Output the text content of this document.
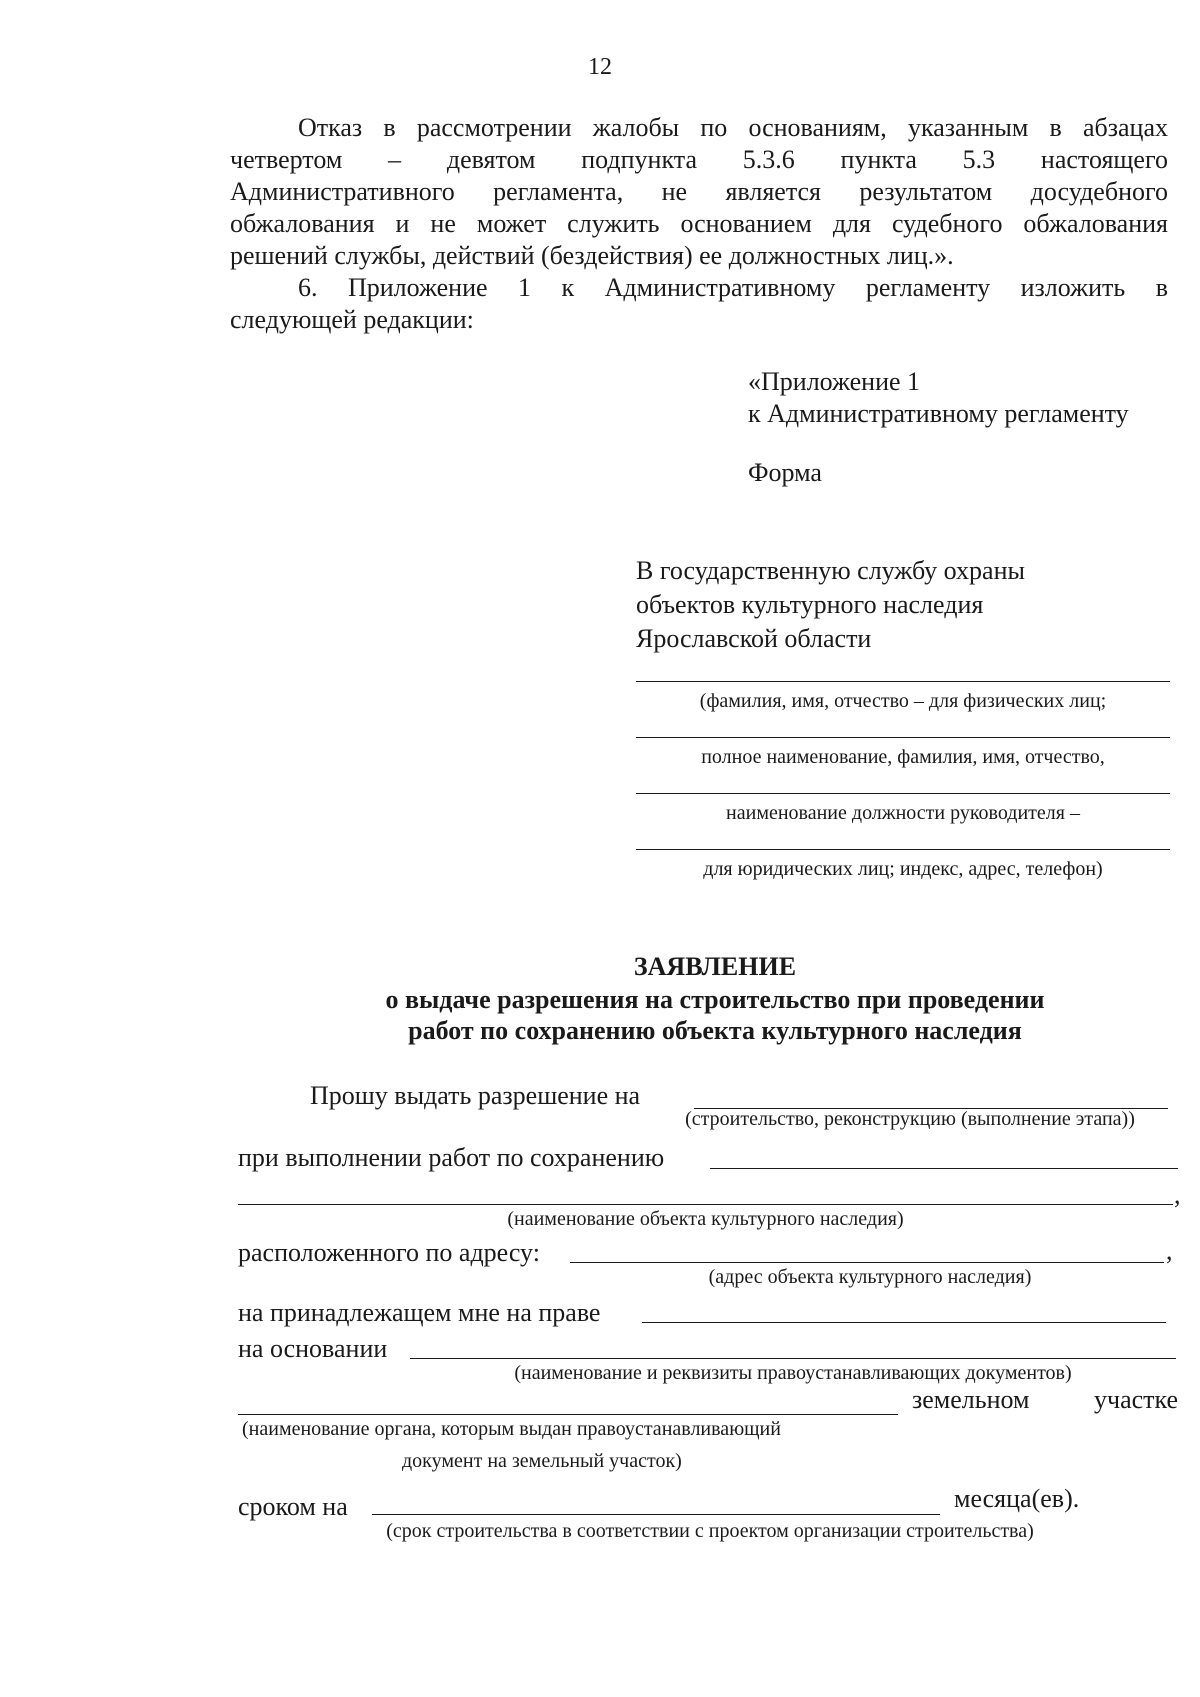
12
Отказ в рассмотрении жалобы по основаниям, указанным в абзацах
четвертом – девятом подпункта 5.3.6 пункта 5.3 настоящего
Административного регламента, не является результатом досудебного
обжалования и не может служить основанием для судебного обжалования
решений службы, действий (бездействия) ее должностных лиц.».
6. Приложение 1 к Административному регламенту изложить в
следующей редакции:
«Приложение 1
к Административному регламенту
Форма
В государственную службу охраны
объектов культурного наследия
Ярославской области
(фамилия, имя, отчество – для физических лиц;
полное наименование, фамилия, имя, отчество,
наименование должности руководителя –
для юридических лиц; индекс, адрес, телефон)
ЗАЯВЛЕНИЕ
о выдаче разрешения на строительство при проведении
работ по сохранению объекта культурного наследия
Прошу выдать разрешение на
(строительство, реконструкцию (выполнение этапа))
при выполнении работ по сохранению
,
(наименование объекта культурного наследия)
расположенного по адресу:	,
(адрес объекта культурного наследия)
на принадлежащем мне на праве
на основании
(наименование и реквизиты правоустанавливающих документов)
земельном участке
(наименование органа, которым выдан правоустанавливающий
документ на земельный участок)
сроком на	месяца(ев).
(срок строительства в соответствии с проектом организации строительства)
